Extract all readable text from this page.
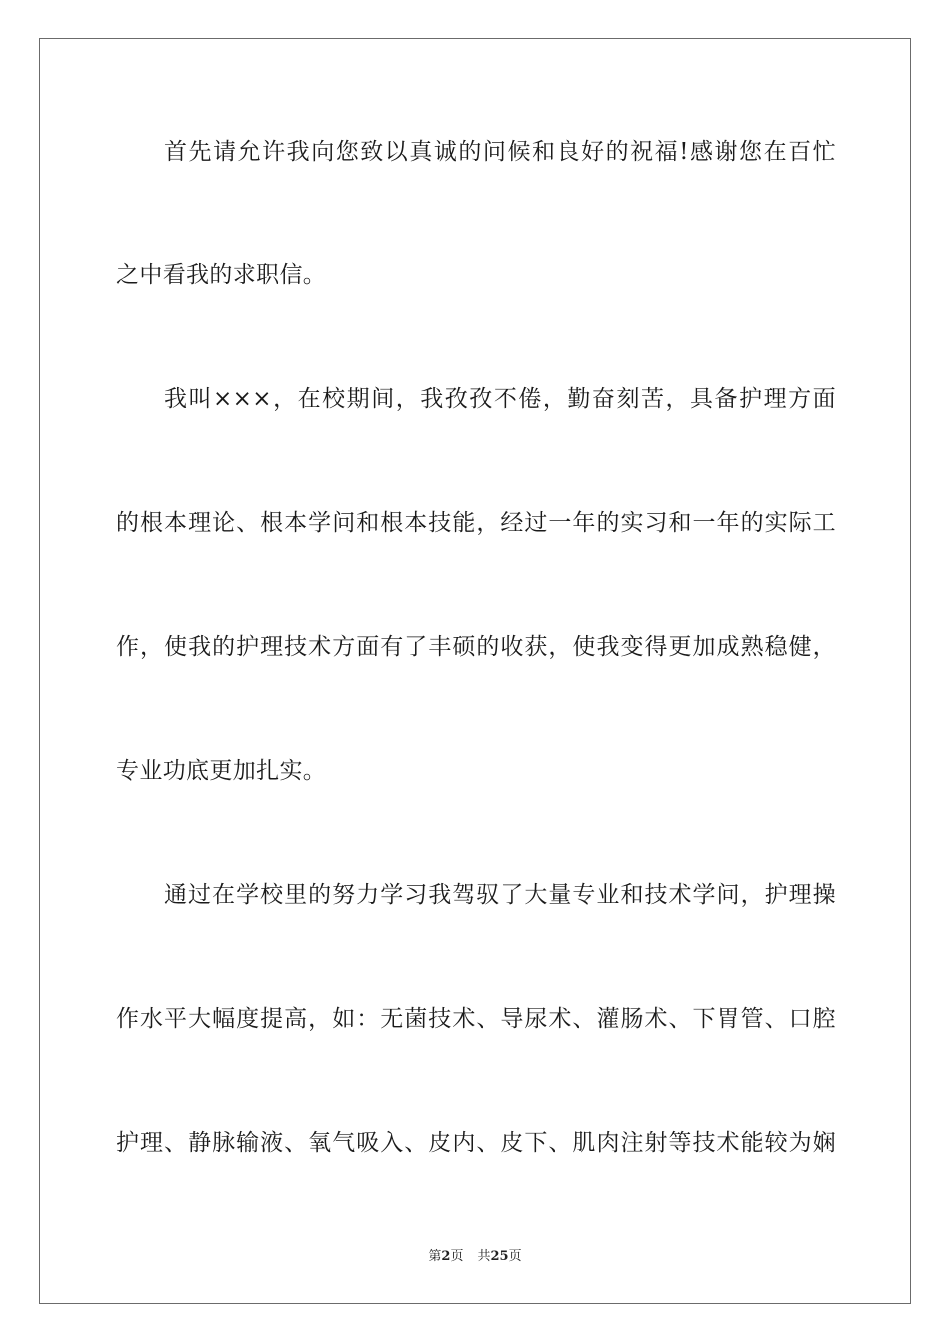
首先请允许我向您致以真诚的问候和良好的祝福!感谢您在百忙
之中看我的求职信。
我叫×××，在校期间，我孜孜不倦，勤奋刻苦，具备护理方面
的根本理论、根本学问和根本技能，经过一年的实习和一年的实际工
作，使我的护理技术方面有了丰硕的收获，使我变得更加成熟稳健，
专业功底更加扎实。
通过在学校里的努力学习我驾驭了大量专业和技术学问，护理操
作水平大幅度提高，如：无菌技术、导尿术、灌肠术、下胃管、口腔
护理、静脉输液、氧气吸入、皮内、皮下、肌肉注射等技术能较为娴
第2页 共25页
